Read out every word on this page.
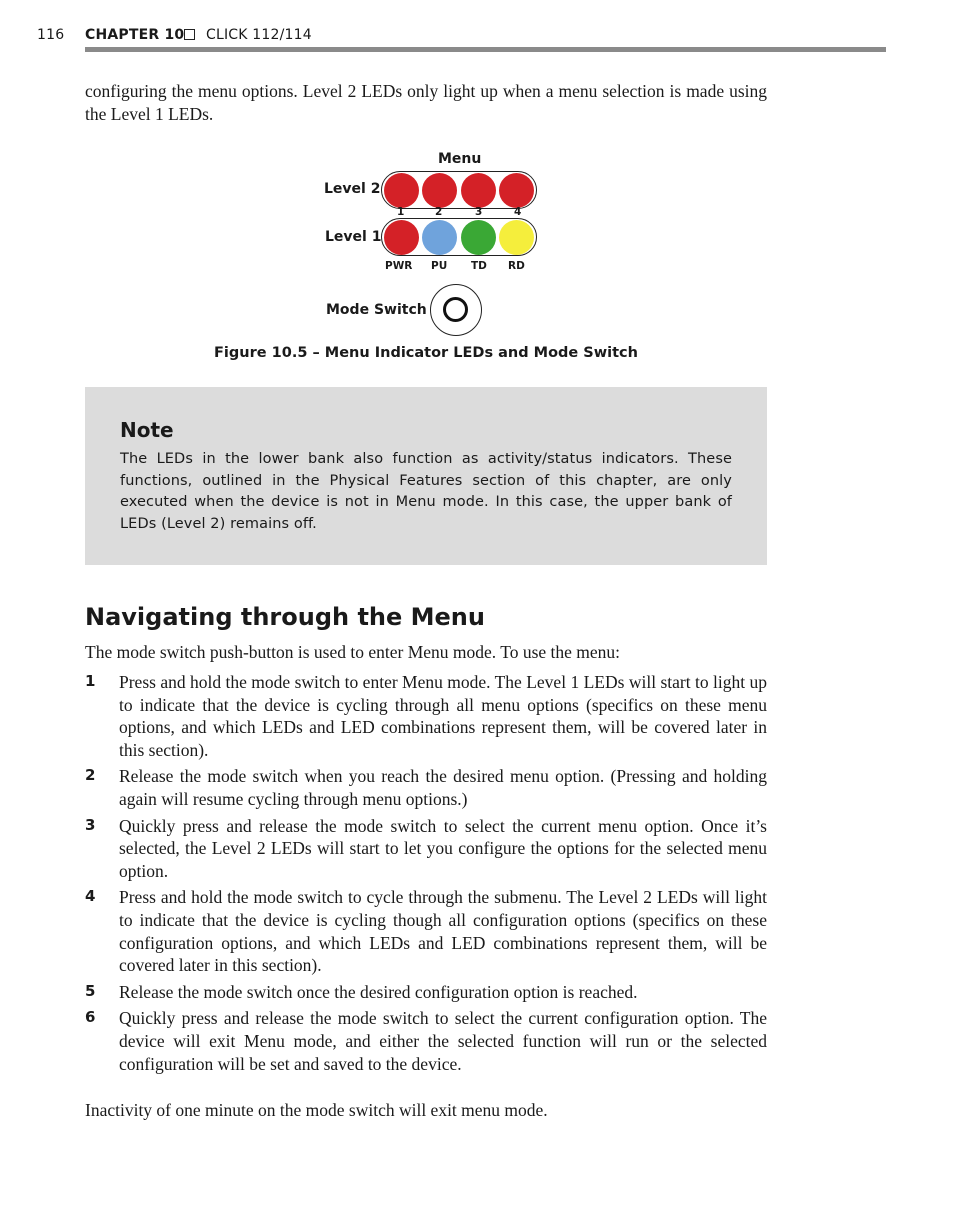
116 CHAPTER 10 CLICK 112/114

configuring the menu options. Level 2 LEDs only light up when a menu selection is made using the Level 1 LEDs.

Menu
Level 2
Level 1
1	2	3	4
PWR PU TD RD
Mode Switch
Figure 10.5 – Menu Indicator LEDs and Mode Switch
Note

The LEDs in the lower bank also function as activity/status indicators. These functions, outlined in the Physical Features section of this chapter, are only executed when the device is not in Menu mode. In this case, the upper bank of LEDs (Level 2) remains off.

Navigating through the Menu

The mode switch push-button is used to enter Menu mode. To use the menu:

1 Press and hold the mode switch to enter Menu mode. The Level 1 LEDs will start to light up to indicate that the device is cycling through all menu options (specifics on these menu options, and which LEDs and LED combinations represent them, will be covered later in this section).
2 Release the mode switch when you reach the desired menu option. (Pressing and holding again will resume cycling through menu options.)
3 Quickly press and release the mode switch to select the current menu option. Once it’s selected, the Level 2 LEDs will start to let you configure the options for the selected menu option.
4 Press and hold the mode switch to cycle through the submenu. The Level 2 LEDs will light to indicate that the device is cycling though all configuration options (specifics on these configuration options, and which LEDs and LED combinations represent them, will be covered later in this section).
5 Release the mode switch once the desired configuration option is reached.
6 Quickly press and release the mode switch to select the current configuration option. The device will exit Menu mode, and either the selected function will run or the selected configuration will be set and saved to the device.

Inactivity of one minute on the mode switch will exit menu mode.
